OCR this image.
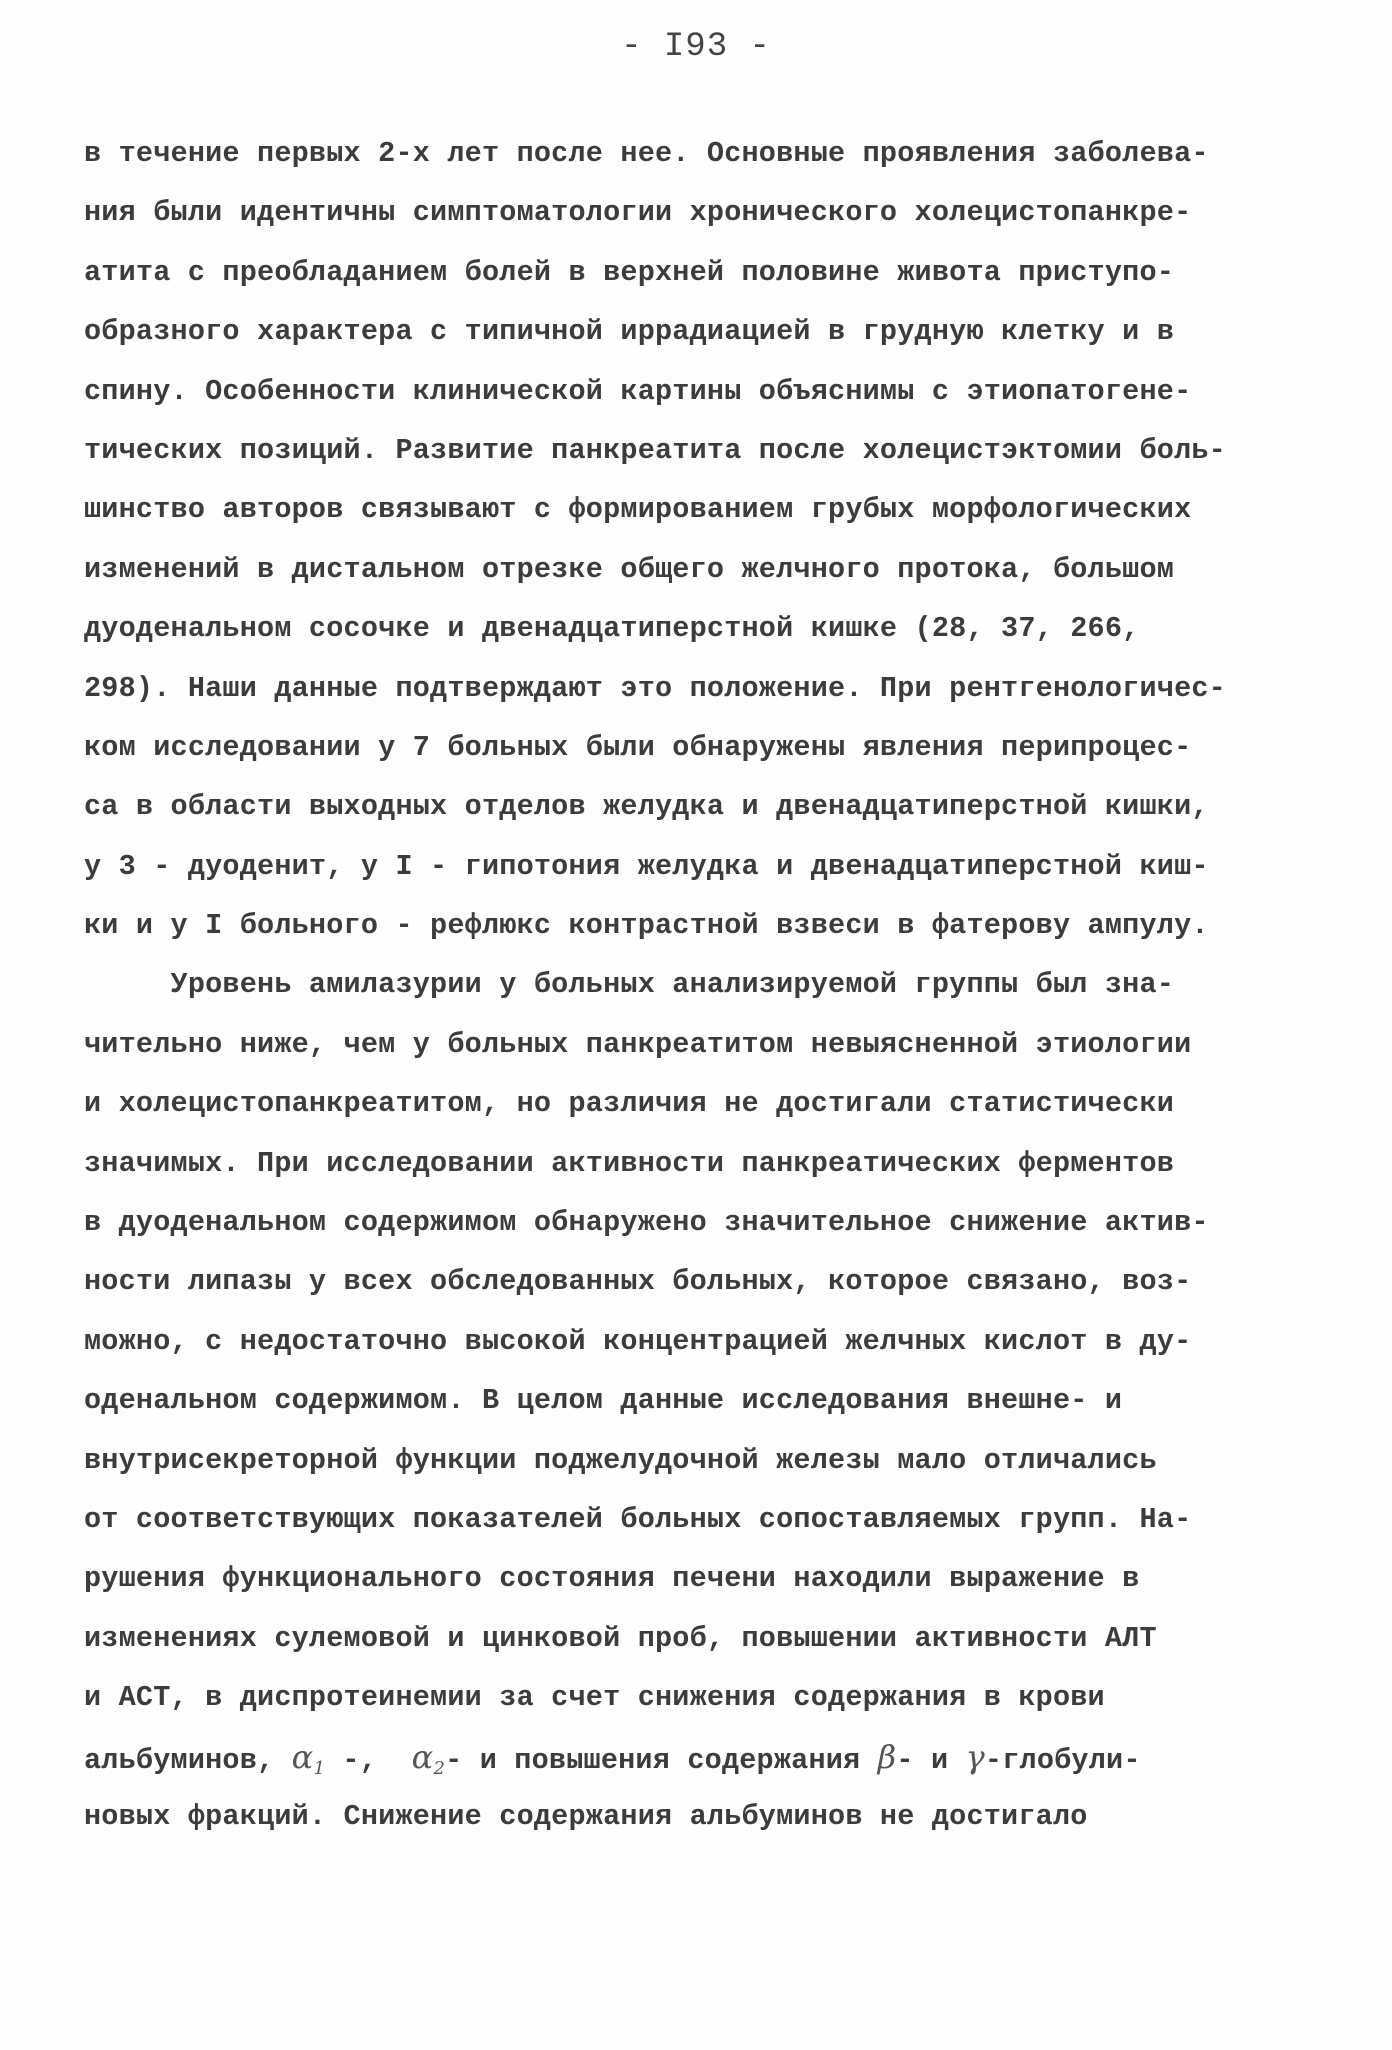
- I93 -
в течение первых 2-х лет после нее. Основные проявления заболева-
ния были идентичны симптоматологии хронического холецистопанкре-
атита с преобладанием болей в верхней половине живота приступо-
образного характера с типичной иррадиацией в грудную клетку и в
спину. Особенности клинической картины объяснимы с этиопатогене-
тических позиций. Развитие панкреатита после холецистэктомии боль-
шинство авторов связывают с формированием грубых морфологических
изменений в дистальном отрезке общего желчного протока, большом
дуоденальном сосочке и двенадцатиперстной кишке (28, 37, 266,
298). Наши данные подтверждают это положение. При рентгенологичес-
ком исследовании у 7 больных были обнаружены явления перипроцес-
са в области выходных отделов желудка и двенадцатиперстной кишки,
у 3 - дуоденит, у I - гипотония желудка и двенадцатиперстной киш-
ки и у I больного - рефлюкс контрастной взвеси в фатерову ампулу.
Уровень амилазурии у больных анализируемой группы был зна-
чительно ниже, чем у больных панкреатитом невыясненной этиологии
и холецистопанкреатитом, но различия не достигали статистически
значимых. При исследовании активности панкреатических ферментов
в дуоденальном содержимом обнаружено значительное снижение актив-
ности липазы у всех обследованных больных, которое связано, воз-
можно, с недостаточно высокой концентрацией желчных кислот в ду-
оденальном содержимом. В целом данные исследования внешне- и
внутрисекреторной функции поджелудочной железы мало отличались
от соответствующих показателей больных сопоставляемых групп. На-
рушения функционального состояния печени находили выражение в
изменениях сулемовой и цинковой проб, повышении активности АЛТ
и АСТ, в диспротеинемии за счет снижения содержания в крови
альбуминов, $\alpha_1$ -,  $\alpha_2-$ и повышения содержания β- и γ-глобули-
новых фракций. Снижение содержания альбуминов не достигало
